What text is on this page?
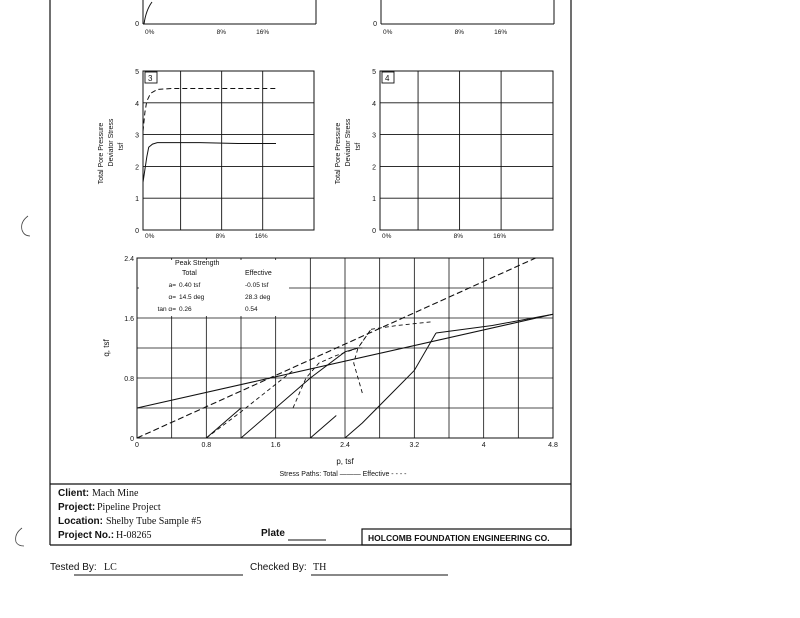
0
0%	8%	16%
0
0%	8%	16%
0
1
2
3
4
5
0%	8%	16%
3
Total Pore Pressure Deviator Stress tsf
0
1
2
3
4
5
0%	8%	16%
4
Total Pore Pressure Deviator Stress tsf
0	0.8	1.6	2.4	3.2	4	4.8
0
0.8
1.6
2.4
p, tsf
q, tsf
Peak Strength
Total	Effective
a= 0.40 tsf	-0.05 tsf
α= 14.5 deg	28.3 deg
tan α= 0.26	0.54
Stress Paths: Total ——— Effective - - - -
Client: Mach Mine
Project: Pipeline Project
Location: Shelby Tube Sample #5
Project No.: H-08265	Plate	HOLCOMB FOUNDATION ENGINEERING CO.
Tested By: LC	Checked By: TH
